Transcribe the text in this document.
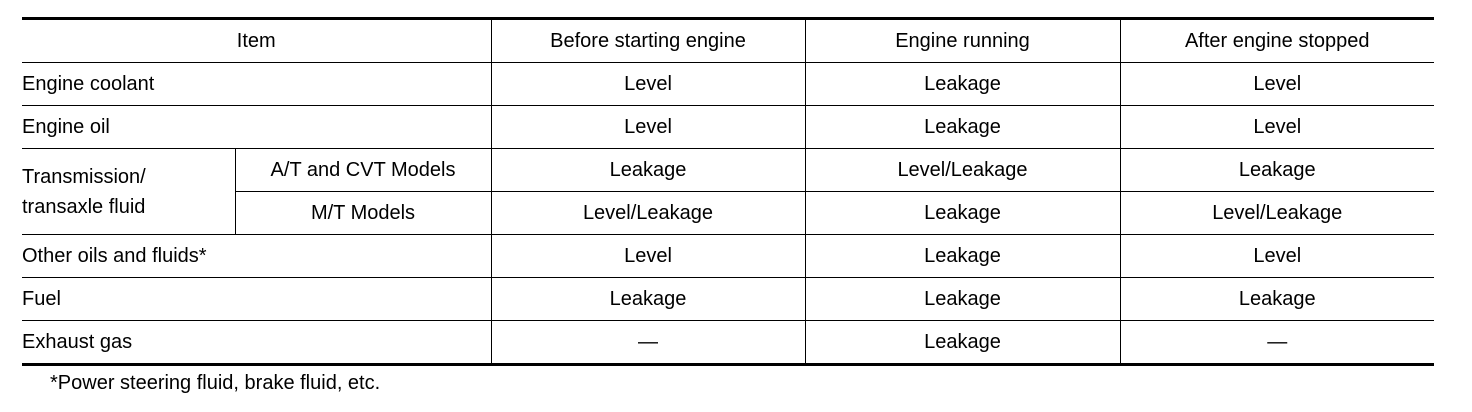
Item		Before starting engine	Engine running	After engine stopped
Engine coolant		Level	Leakage	Level
Engine oil		Level	Leakage	Level
Transmission/
transaxle fluid	A/T and CVT Models	Leakage	Level/Leakage	Leakage
	M/T Models	Level/Leakage	Leakage	Level/Leakage
Other oils and fluids*		Level	Leakage	Level
Fuel		Leakage	Leakage	Leakage
Exhaust gas		—	Leakage	—
*Power steering fluid, brake fluid, etc.
